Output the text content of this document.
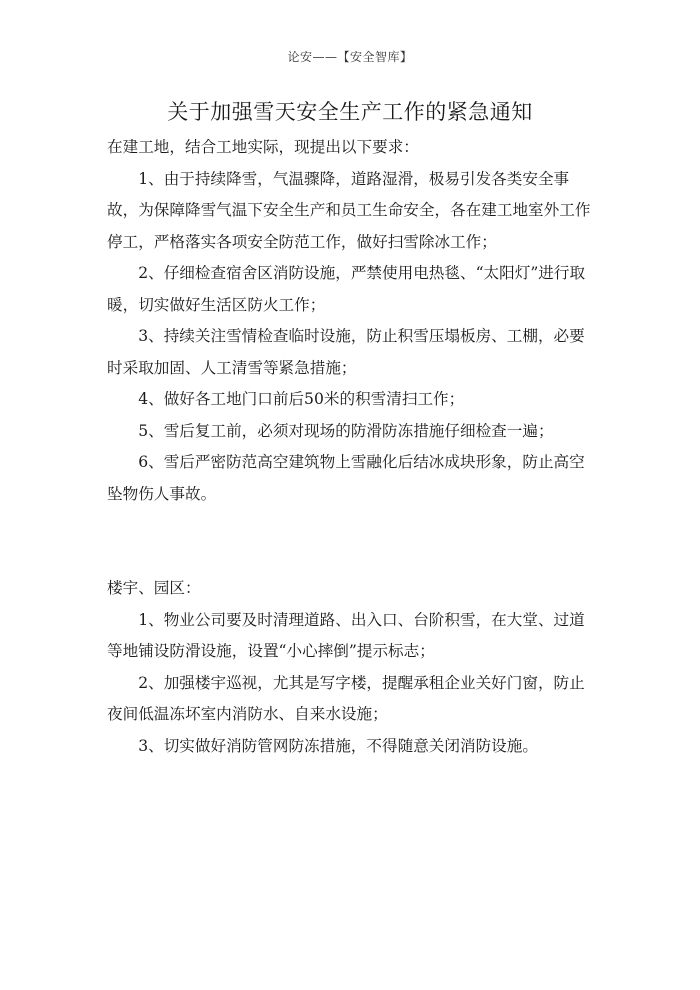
论安——【安全智库】
关于加强雪天安全生产工作的紧急通知

在建工地，结合工地实际，现提出以下要求：

1、由于持续降雪，气温骤降，道路湿滑，极易引发各类安全事故，为保障降雪气温下安全生产和员工生命安全，各在建工地室外工作停工，严格落实各项安全防范工作，做好扫雪除冰工作；

2、仔细检查宿舍区消防设施，严禁使用电热毯、“太阳灯”进行取暖，切实做好生活区防火工作；

3、持续关注雪情检查临时设施，防止积雪压塌板房、工棚，必要时采取加固、人工清雪等紧急措施；

4、做好各工地门口前后50米的积雪清扫工作；

5、雪后复工前，必须对现场的防滑防冻措施仔细检查一遍；

6、雪后严密防范高空建筑物上雪融化后结冰成块形象，防止高空坠物伤人事故。

楼宇、园区：

1、物业公司要及时清理道路、出入口、台阶积雪，在大堂、过道等地铺设防滑设施，设置“小心摔倒”提示标志；

2、加强楼宇巡视，尤其是写字楼，提醒承租企业关好门窗，防止夜间低温冻坏室内消防水、自来水设施；

3、切实做好消防管网防冻措施，不得随意关闭消防设施。
